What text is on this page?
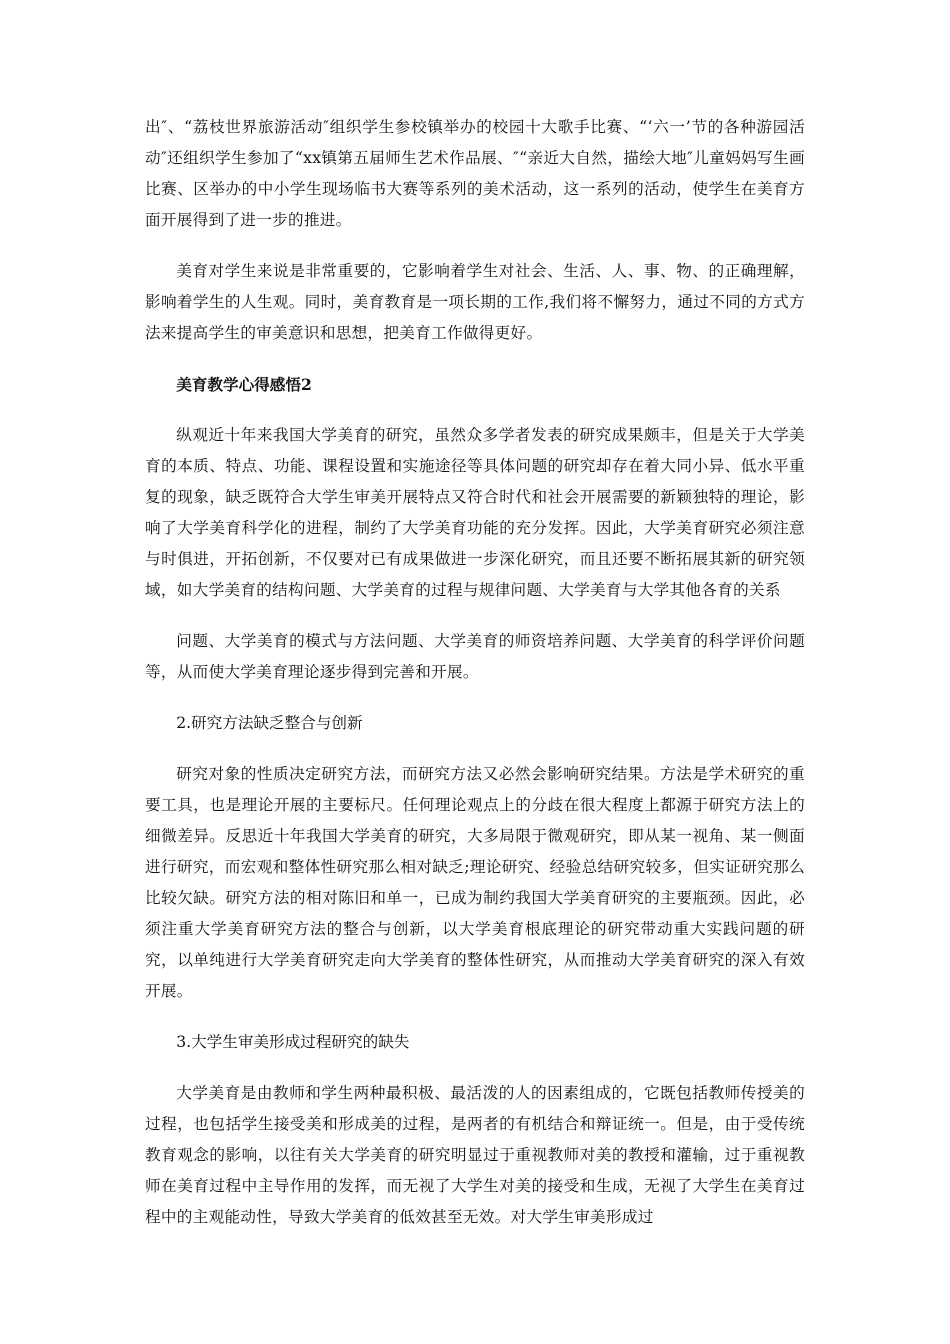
出″、“荔枝世界旅游活动″组织学生参校镇举办的校园十大歌手比赛、“‘六一’节的各种游园活动″还组织学生参加了“xx镇第五届师生艺术作品展、″“亲近大自然，描绘大地″儿童妈妈写生画比赛、区举办的中小学生现场临书大赛等系列的美术活动，这一系列的活动，使学生在美育方面开展得到了进一步的推进。

美育对学生来说是非常重要的，它影响着学生对社会、生活、人、事、物、的正确理解，影响着学生的人生观。同时，美育教育是一项长期的工作,我们将不懈努力，通过不同的方式方法来提高学生的审美意识和思想，把美育工作做得更好。

美育教学心得感悟2

纵观近十年来我国大学美育的研究，虽然众多学者发表的研究成果颇丰，但是关于大学美育的本质、特点、功能、课程设置和实施途径等具体问题的研究却存在着大同小异、低水平重复的现象，缺乏既符合大学生审美开展特点又符合时代和社会开展需要的新颖独特的理论，影响了大学美育科学化的进程，制约了大学美育功能的充分发挥。因此，大学美育研究必须注意与时俱进，开拓创新，不仅要对已有成果做进一步深化研究，而且还要不断拓展其新的研究领域，如大学美育的结构问题、大学美育的过程与规律问题、大学美育与大学其他各育的关系

问题、大学美育的模式与方法问题、大学美育的师资培养问题、大学美育的科学评价问题等，从而使大学美育理论逐步得到完善和开展。

2.研究方法缺乏整合与创新

研究对象的性质决定研究方法，而研究方法又必然会影响研究结果。方法是学术研究的重要工具，也是理论开展的主要标尺。任何理论观点上的分歧在很大程度上都源于研究方法上的细微差异。反思近十年我国大学美育的研究，大多局限于微观研究，即从某一视角、某一侧面进行研究，而宏观和整体性研究那么相对缺乏;理论研究、经验总结研究较多，但实证研究那么比较欠缺。研究方法的相对陈旧和单一，已成为制约我国大学美育研究的主要瓶颈。因此，必须注重大学美育研究方法的整合与创新，以大学美育根底理论的研究带动重大实践问题的研究，以单纯进行大学美育研究走向大学美育的整体性研究，从而推动大学美育研究的深入有效开展。

3.大学生审美形成过程研究的缺失

大学美育是由教师和学生两种最积极、最活泼的人的因素组成的，它既包括教师传授美的过程，也包括学生接受美和形成美的过程，是两者的有机结合和辩证统一。但是，由于受传统教育观念的影响，以往有关大学美育的研究明显过于重视教师对美的教授和灌输，过于重视教师在美育过程中主导作用的发挥，而无视了大学生对美的接受和生成，无视了大学生在美育过程中的主观能动性，导致大学美育的低效甚至无效。对大学生审美形成过
